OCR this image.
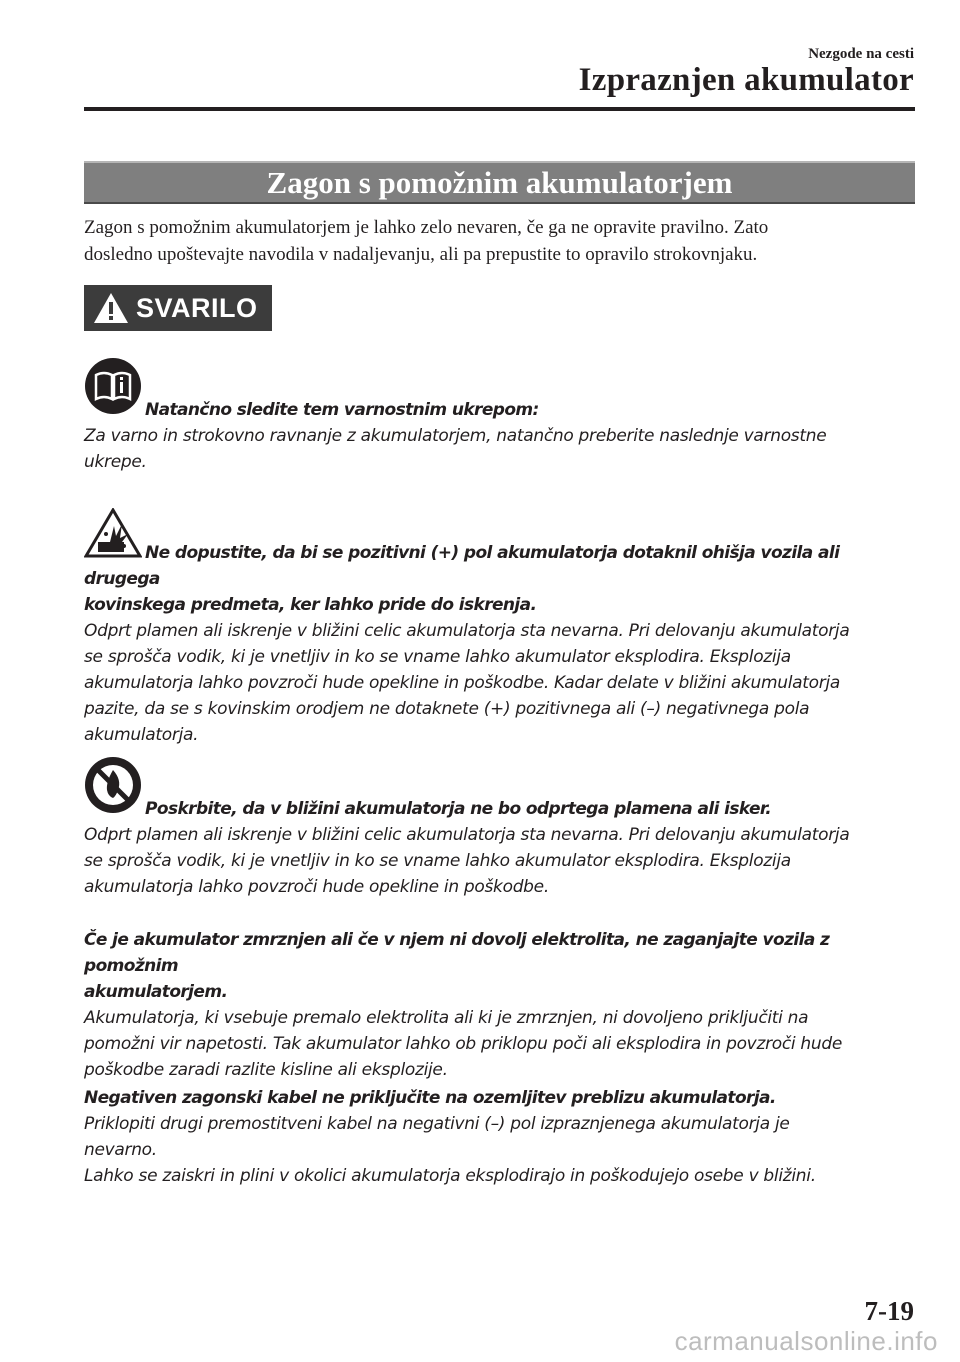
Nezgode na cesti
Izpraznjen akumulator
Zagon s pomožnim akumulatorjem

Zagon s pomožnim akumulatorjem je lahko zelo nevaren, če ga ne opravite pravilno. Zato

dosledno upoštevajte navodila v nadaljevanju, ali pa prepustite to opravilo strokovnjaku.

SVARILO

Natančno sledite tem varnostnim ukrepom:

Za varno in strokovno ravnanje z akumulatorjem, natančno preberite naslednje varnostne

ukrepe.

Ne dopustite, da bi se pozitivni (+) pol akumulatorja dotaknil ohišja vozila ali drugega

kovinskega predmeta, ker lahko pride do iskrenja.

Odprt plamen ali iskrenje v bližini celic akumulatorja sta nevarna. Pri delovanju akumulatorja

se sprošča vodik, ki je vnetljiv in ko se vname lahko akumulator eksplodira. Eksplozija

akumulatorja lahko povzroči hude opekline in poškodbe. Kadar delate v bližini akumulatorja

pazite, da se s kovinskim orodjem ne dotaknete (+) pozitivnega ali (–) negativnega pola

akumulatorja.

Poskrbite, da v bližini akumulatorja ne bo odprtega plamena ali isker.

Odprt plamen ali iskrenje v bližini celic akumulatorja sta nevarna. Pri delovanju akumulatorja

se sprošča vodik, ki je vnetljiv in ko se vname lahko akumulator eksplodira. Eksplozija

akumulatorja lahko povzroči hude opekline in poškodbe.

Če je akumulator zmrznjen ali če v njem ni dovolj elektrolita, ne zaganjajte vozila z pomožnim

akumulatorjem.

Akumulatorja, ki vsebuje premalo elektrolita ali ki je zmrznjen, ni dovoljeno priključiti na

pomožni vir napetosti. Tak akumulator lahko ob priklopu poči ali eksplodira in povzroči hude

poškodbe zaradi razlite kisline ali eksplozije.

Negativen zagonski kabel ne priključite na ozemljitev preblizu akumulatorja.

Priklopiti drugi premostitveni kabel na negativni (–) pol izpraznjenega akumulatorja je

nevarno.

Lahko se zaiskri in plini v okolici akumulatorja eksplodirajo in poškodujejo osebe v bližini.

7-19
carmanualsonline.info
